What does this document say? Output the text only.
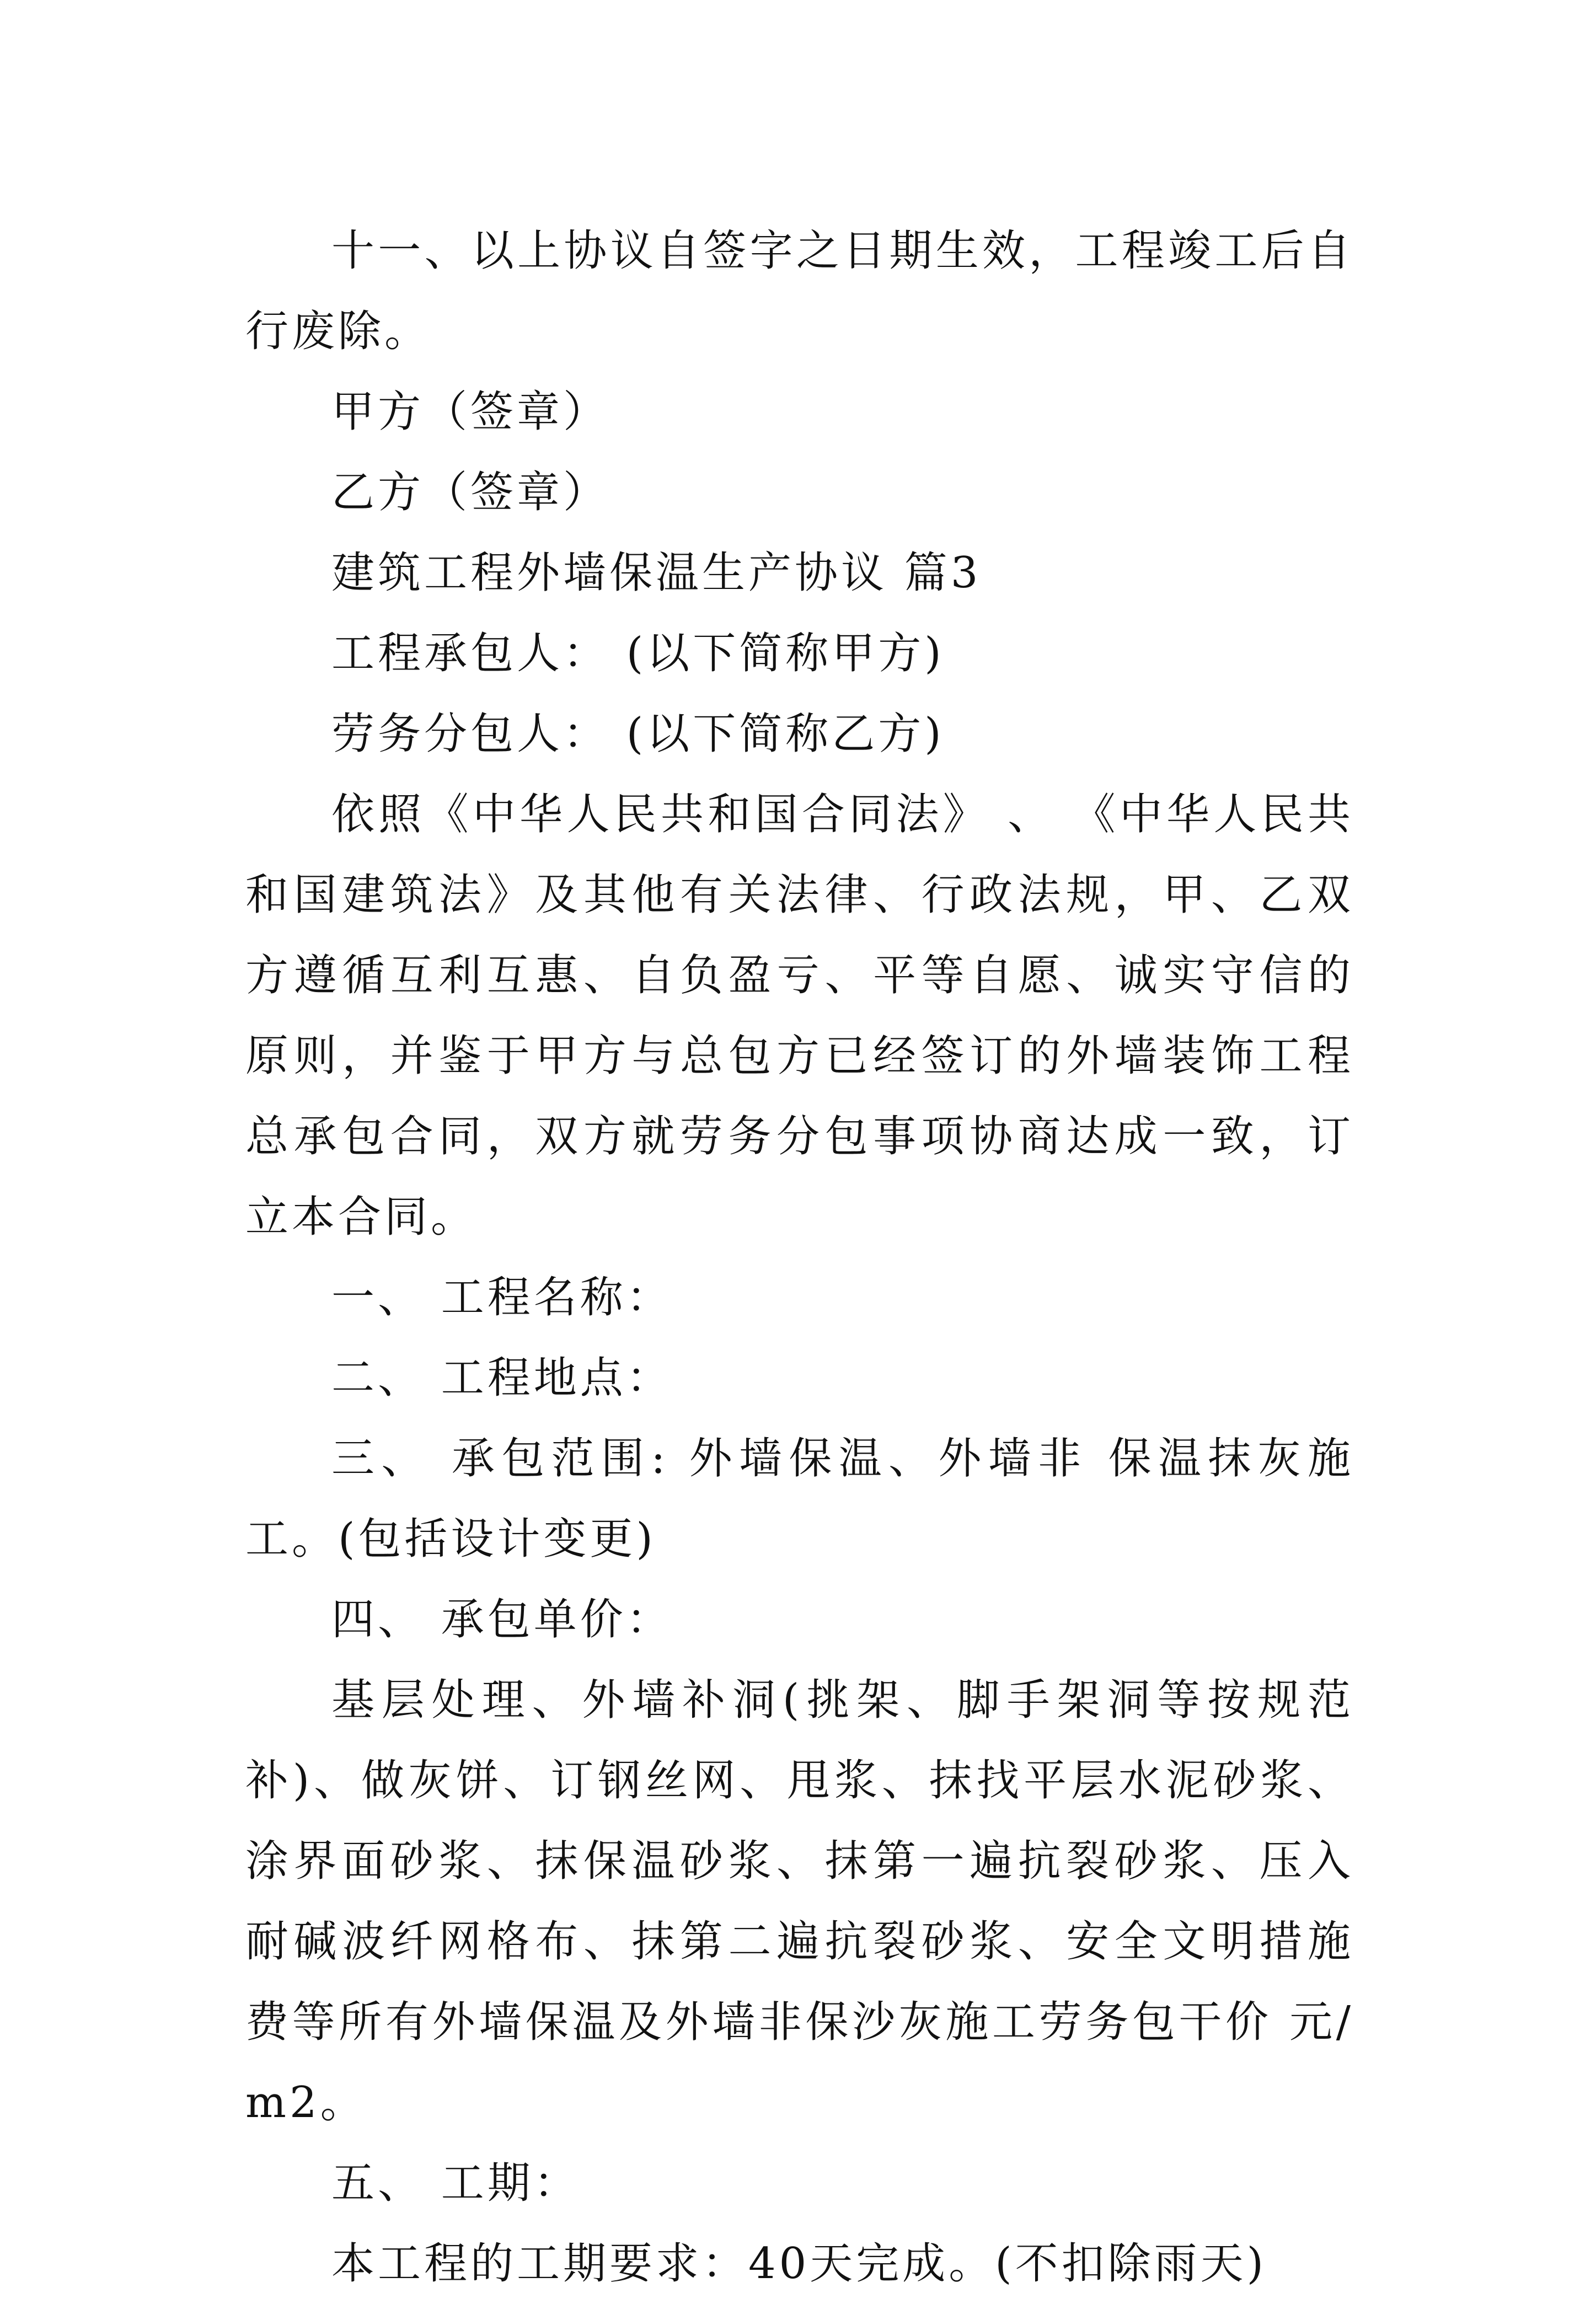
十一、以上协议自签字之日期生效，工程竣工后自行废除。

甲方（签章）

乙方（签章）

建筑工程外墙保温生产协议 篇3

工程承包人： (以下简称甲方)

劳务分包人： (以下简称乙方)

依照《中华人民共和国合同法》 、 《中华人民共和国建筑法》及其他有关法律、行政法规，甲、乙双方遵循互利互惠、自负盈亏、平等自愿、诚实守信的原则，并鉴于甲方与总包方已经签订的外墙装饰工程总承包合同，双方就劳务分包事项协商达成一致，订立本合同。

一、 工程名称：

二、 工程地点：

三、 承包范围: 外墙保温、外墙非 保温抹灰施工。(包括设计变更)

四、 承包单价：

基层处理、外墙补洞(挑架、脚手架洞等按规范补)、做灰饼、订钢丝网、甩浆、抹找平层水泥砂浆、涂界面砂浆、抹保温砂浆、抹第一遍抗裂砂浆、压入耐碱波纤网格布、抹第二遍抗裂砂浆、安全文明措施费等所有外墙保温及外墙非保沙灰施工劳务包干价 元/m2。

五、 工期：

本工程的工期要求：40天完成。(不扣除雨天)
